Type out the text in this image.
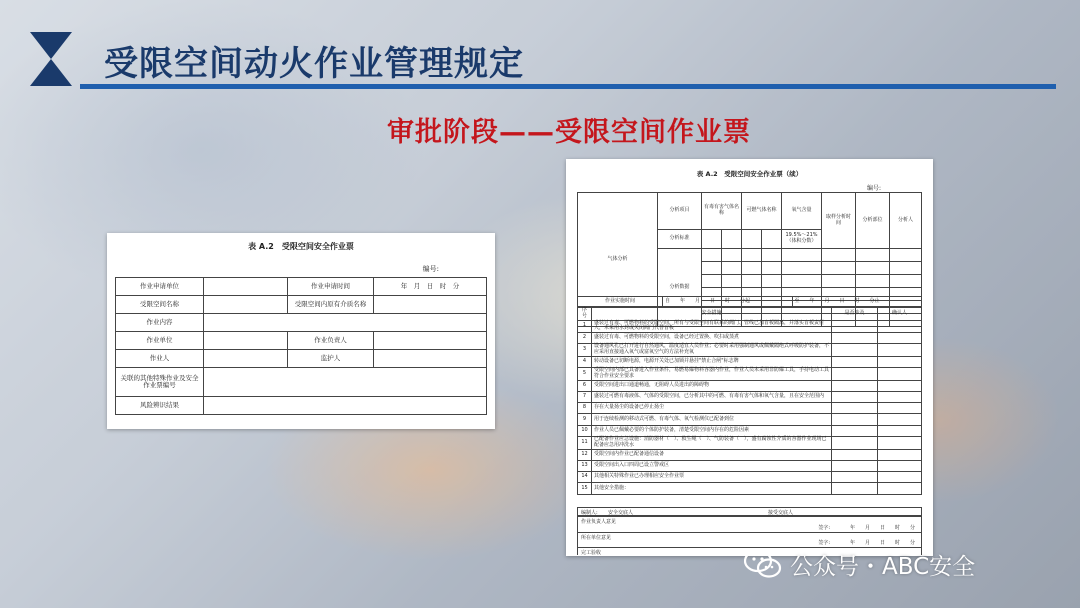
受限空间动火作业管理规定
审批阶段——受限空间作业票
表 A.2　受限空间安全作业票
编号:
作业申请单位		作业申请时间	年　月　日　时　分
受限空间名称		受限空间内原有介质名称	
作业内容			
作业单位		作业负责人	
作业人		监护人	
关联的其他特殊作业及安全作业票编号			
风险辨识结果			
表 A.2　受限空间安全作业票（续）
编号:
气体分析	分析项目	有毒有害气体名称		可燃气体名称		氧气含量	取样分析时间	分析部位	分析人
	分析标准					19.5%～21%（体积分数）			
	分析数据								

作业实施时间	自　　年　　月　　日　　时　　分起	至　　年　　月　　日　　时　　分止
序号	安全措施	是否涉及	确认人
1	盛装过有毒、可燃物料的受限空间，所有与受限空间有联系的阀门、管线已加盲板隔离，并落实盲板责任人，未采用水封或关闭阀门代替盲板		
2	盛装过有毒、可燃物料的受限空间，设备已经过置换、吹扫或蒸煮		
3	设备通风孔已打开进行自然通风，温度适宜人员作业；必要时采用强制通风或佩戴隔绝式呼吸防护装备，不应采用直接通入氧气或富氧空气的方法补充氧		
4	转动设备已切断电源，电源开关处已加锁并悬挂"禁止合闸"标志牌		
5	受限空间内部已具备进入作业条件，易燃易爆物料容器内作业，作业人员未采用非防爆工具，手持电动工具符合作业安全要求		
6	受限空间进出口通道畅通，无阻碍人员进出的障碍物		
7	盛装过可燃有毒液体、气体的受限空间，已分析其中的可燃、有毒有害气体和氧气含量，且在安全范围内		
8	存在大量扬尘的设备已停止扬尘		
9	用于连续检测的移动式可燃、有毒气体、氧气检测仪已配备到位		
10	作业人员已佩戴必要的个体防护装备，清楚受限空间内存在的危险因素		
11	已配备作业应急设施：消防器材（　）、救生绳（　）、气防装备（　），盛有腐蚀性介质的容器作业现场已配备应急用冲洗水		
12	受限空间内作业已配备通信设备		
13	受限空间出入口四周已设立警戒区		
14	其他相关特殊作业已办理相应安全作业票		
15	其他安全措施：		
编制人: 安全交底人	接受交底人
作业负责人意见
签字:　　　　年　　月　　日　　时　　分
所在单位意见
签字:　　　　年　　月　　日　　时　　分
完工验收
公众号・ABC安全
